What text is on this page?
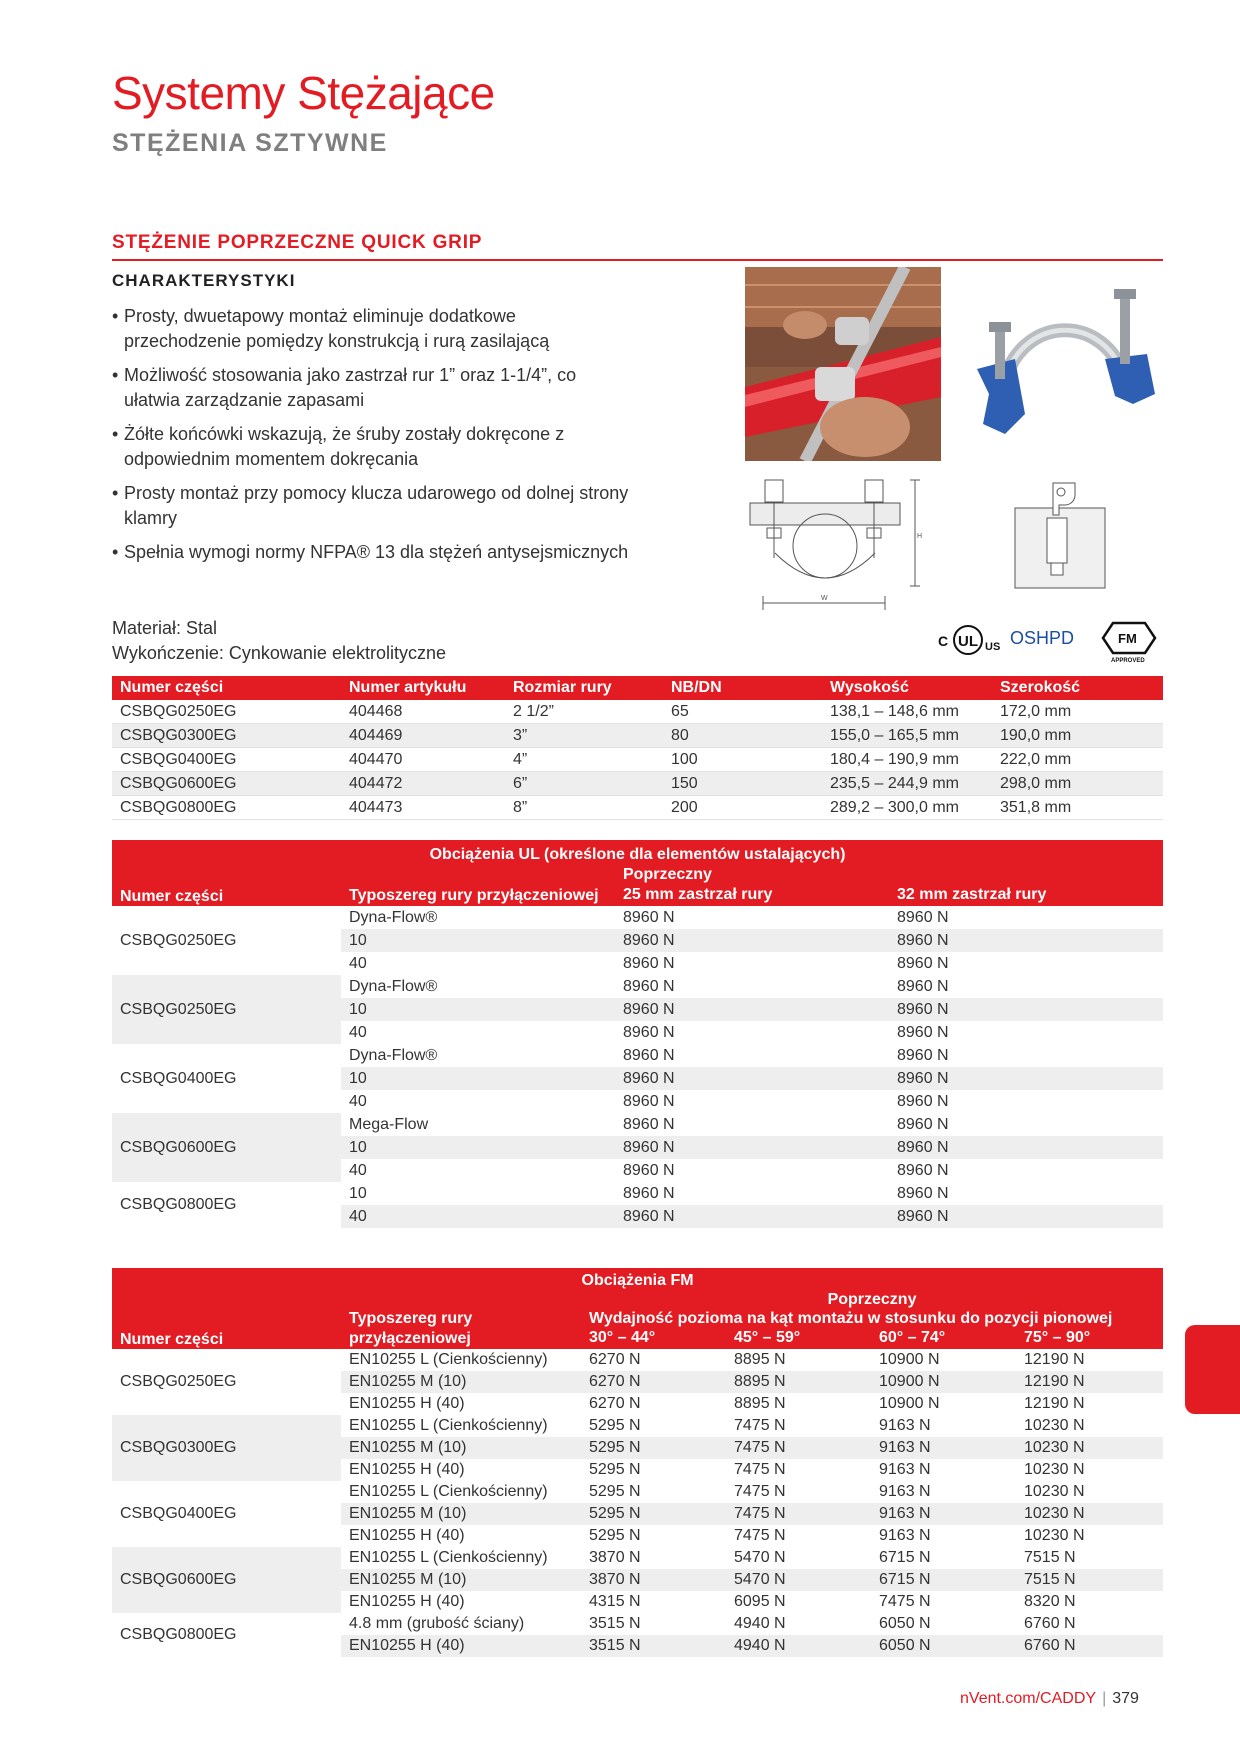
Systemy Stężające
STĘŻENIA SZTYWNE
STĘŻENIE POPRZECZNE QUICK GRIP
CHARAKTERYSTYKI
• Prosty, dwuetapowy montaż eliminuje dodatkowe przechodzenie pomiędzy konstrukcją i rurą zasilającą
• Możliwość stosowania jako zastrzał rur 1” oraz 1-1/4”, co ułatwia zarządzanie zapasami
• Żółte końcówki wskazują, że śruby zostały dokręcone z odpowiednim momentem dokręcania
• Prosty montaż przy pomocy klucza udarowego od dolnej strony klamry
• Spełnia wymogi normy NFPA® 13 dla stężeń antysejsmicznych
Materiał: Stal
Wykończenie: Cynkowanie elektrolityczne
H
W
C UL US OSHPD	FM
APPROVED
Numer części	Numer artykułu	Rozmiar rury	NB/DN	Wysokość	Szerokość
CSBQG0250EG	404468	2 1/2”	65	138,1 – 148,6 mm	172,0 mm
CSBQG0300EG	404469	3”	80	155,0 – 165,5 mm	190,0 mm
CSBQG0400EG	404470	4”	100	180,4 – 190,9 mm	222,0 mm
CSBQG0600EG	404472	6”	150	235,5 – 244,9 mm	298,0 mm
CSBQG0800EG	404473	8”	200	289,2 – 300,0 mm	351,8 mm
Obciążenia UL (określone dla elementów ustalających)			
Numer części	Typoszereg rury przyłączeniowej	Poprzeczny	
		25 mm zastrzał rury	32 mm zastrzał rury
CSBQG0250EG	Dyna-Flow®	8960 N	8960 N
	10	8960 N	8960 N
	40	8960 N	8960 N
CSBQG0250EG	Dyna-Flow®	8960 N	8960 N
	10	8960 N	8960 N
	40	8960 N	8960 N
CSBQG0400EG	Dyna-Flow®	8960 N	8960 N
	10	8960 N	8960 N
	40	8960 N	8960 N
CSBQG0600EG	Mega-Flow	8960 N	8960 N
	10	8960 N	8960 N
	40	8960 N	8960 N
CSBQG0800EG	10	8960 N	8960 N
	40	8960 N	8960 N
Obciążenia FM					
Numer części	Typoszereg rury przyłączeniowej	Poprzeczny			
		Wydajność pozioma na kąt montażu w stosunku do pozycji pionowej			
		30° – 44°	45° – 59°	60° – 74°	75° – 90°
CSBQG0250EG	EN10255 L (Cienkościenny)	6270 N	8895 N	10900 N	12190 N
	EN10255 M (10)	6270 N	8895 N	10900 N	12190 N
	EN10255 H (40)	6270 N	8895 N	10900 N	12190 N
CSBQG0300EG	EN10255 L (Cienkościenny)	5295 N	7475 N	9163 N	10230 N
	EN10255 M (10)	5295 N	7475 N	9163 N	10230 N
	EN10255 H (40)	5295 N	7475 N	9163 N	10230 N
CSBQG0400EG	EN10255 L (Cienkościenny)	5295 N	7475 N	9163 N	10230 N
	EN10255 M (10)	5295 N	7475 N	9163 N	10230 N
	EN10255 H (40)	5295 N	7475 N	9163 N	10230 N
CSBQG0600EG	EN10255 L (Cienkościenny)	3870 N	5470 N	6715 N	7515 N
	EN10255 M (10)	3870 N	5470 N	6715 N	7515 N
	EN10255 H (40)	4315 N	6095 N	7475 N	8320 N
CSBQG0800EG	4.8 mm (grubość ściany)	3515 N	4940 N	6050 N	6760 N
	EN10255 H (40)	3515 N	4940 N	6050 N	6760 N
nVent.com/CADDY | 379
